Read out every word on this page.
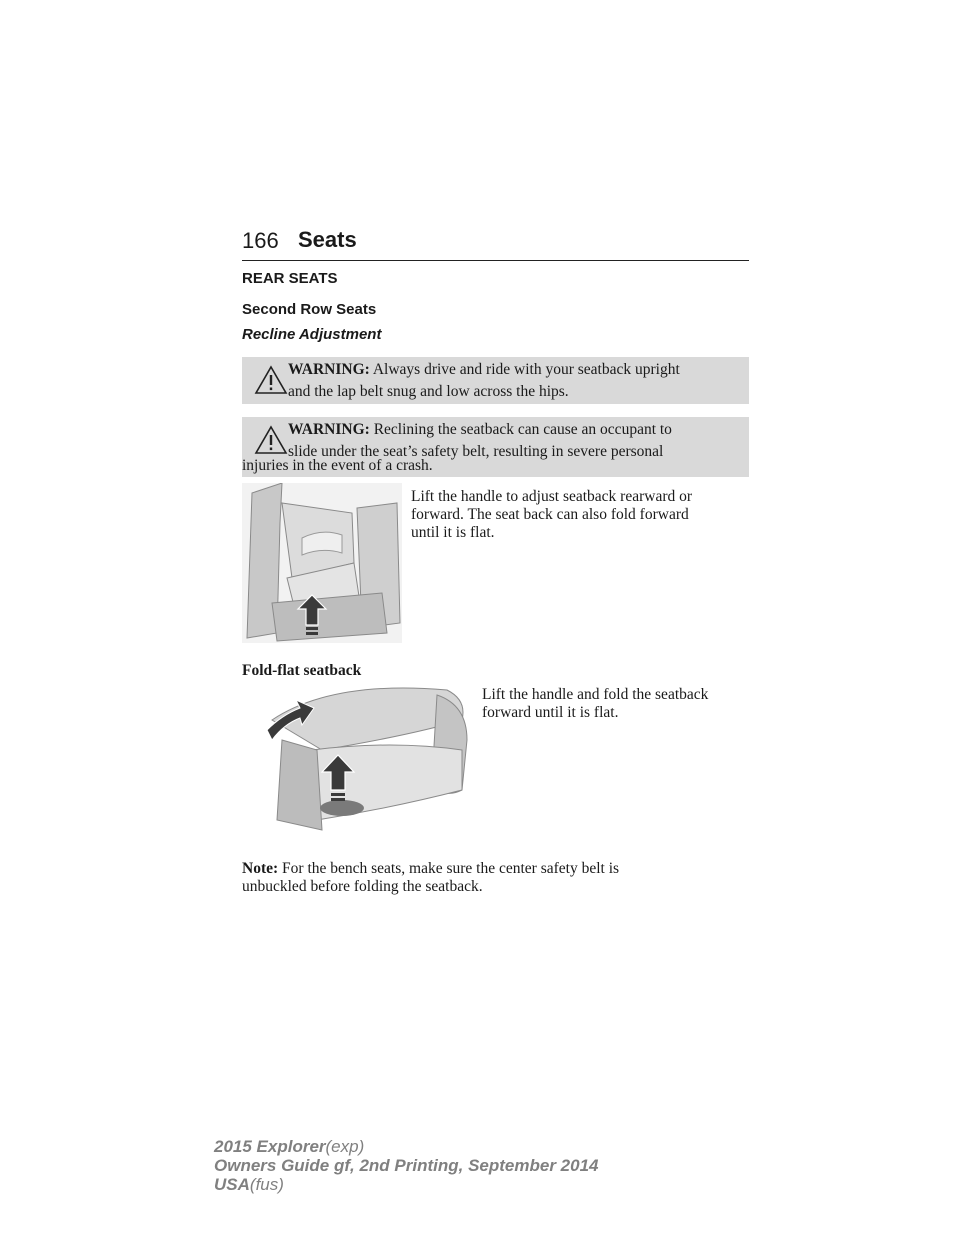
166 Seats
REAR SEATS
Second Row Seats
Recline Adjustment
WARNING: Always drive and ride with your seatback upright
and the lap belt snug and low across the hips.
WARNING: Reclining the seatback can cause an occupant to
slide under the seat’s safety belt, resulting in severe personal
injuries in the event of a crash.
Lift the handle to adjust seatback rearward or
forward. The seat back can also fold forward
until it is flat.
Fold-flat seatback
Lift the handle and fold the seatback
forward until it is flat.
Note: For the bench seats, make sure the center safety belt is
unbuckled before folding the seatback.
2015 Explorer(exp)
Owners Guide gf, 2nd Printing, September 2014
USA(fus)
